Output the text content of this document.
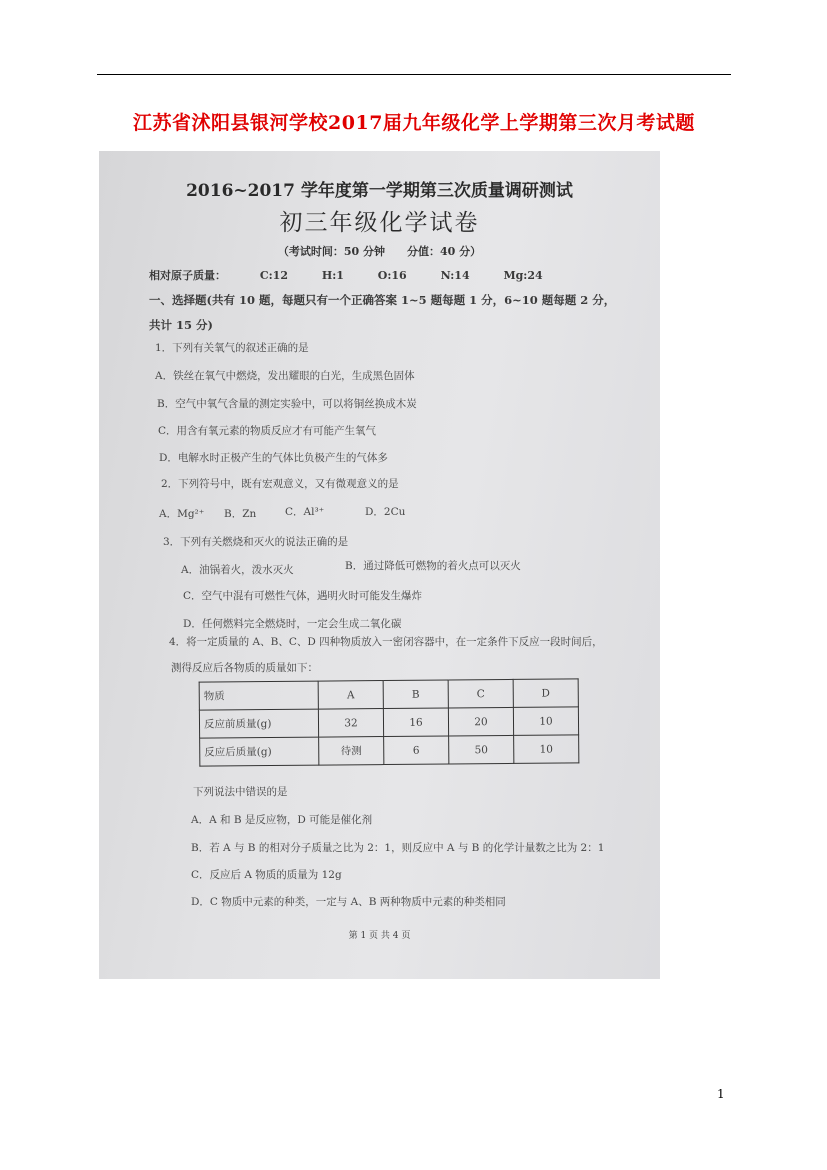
江苏省沭阳县银河学校2017届九年级化学上学期第三次月考试题
2016~2017 学年度第一学期第三次质量调研测试
初三年级化学试卷
（考试时间：50 分钟　　分值：40 分）
相对原子质量：	C:12	H:1	O:16	N:14	Mg:24
一、选择题(共有 10 题，每题只有一个正确答案 1~5 题每题 1 分，6~10 题每题 2 分，
共计 15 分)
1．下列有关氧气的叙述正确的是
A．铁丝在氧气中燃烧，发出耀眼的白光，生成黑色固体
B．空气中氧气含量的测定实验中，可以将铜丝换成木炭
C．用含有氧元素的物质反应才有可能产生氧气
D．电解水时正极产生的气体比负极产生的气体多
2．下列符号中，既有宏观意义，又有微观意义的是
A．Mg²⁺ B．Zn	C．Al³⁺	D．2Cu
3．下列有关燃烧和灭火的说法正确的是
A．油锅着火，泼水灭火	B．通过降低可燃物的着火点可以灭火
C．空气中混有可燃性气体，遇明火时可能发生爆炸
D．任何燃料完全燃烧时，一定会生成二氧化碳
4．将一定质量的 A、B、C、D 四种物质放入一密闭容器中，在一定条件下反应一段时间后，
测得反应后各物质的质量如下：
物质	A	B	C	D
反应前质量(g)	32	16	20	10
反应后质量(g)	待测	6	50	10
下列说法中错误的是
A．A 和 B 是反应物，D 可能是催化剂
B．若 A 与 B 的相对分子质量之比为 2：1，则反应中 A 与 B 的化学计量数之比为 2：1
C．反应后 A 物质的质量为 12g
D．C 物质中元素的种类，一定与 A、B 两种物质中元素的种类相同
第 1 页 共 4 页
1
